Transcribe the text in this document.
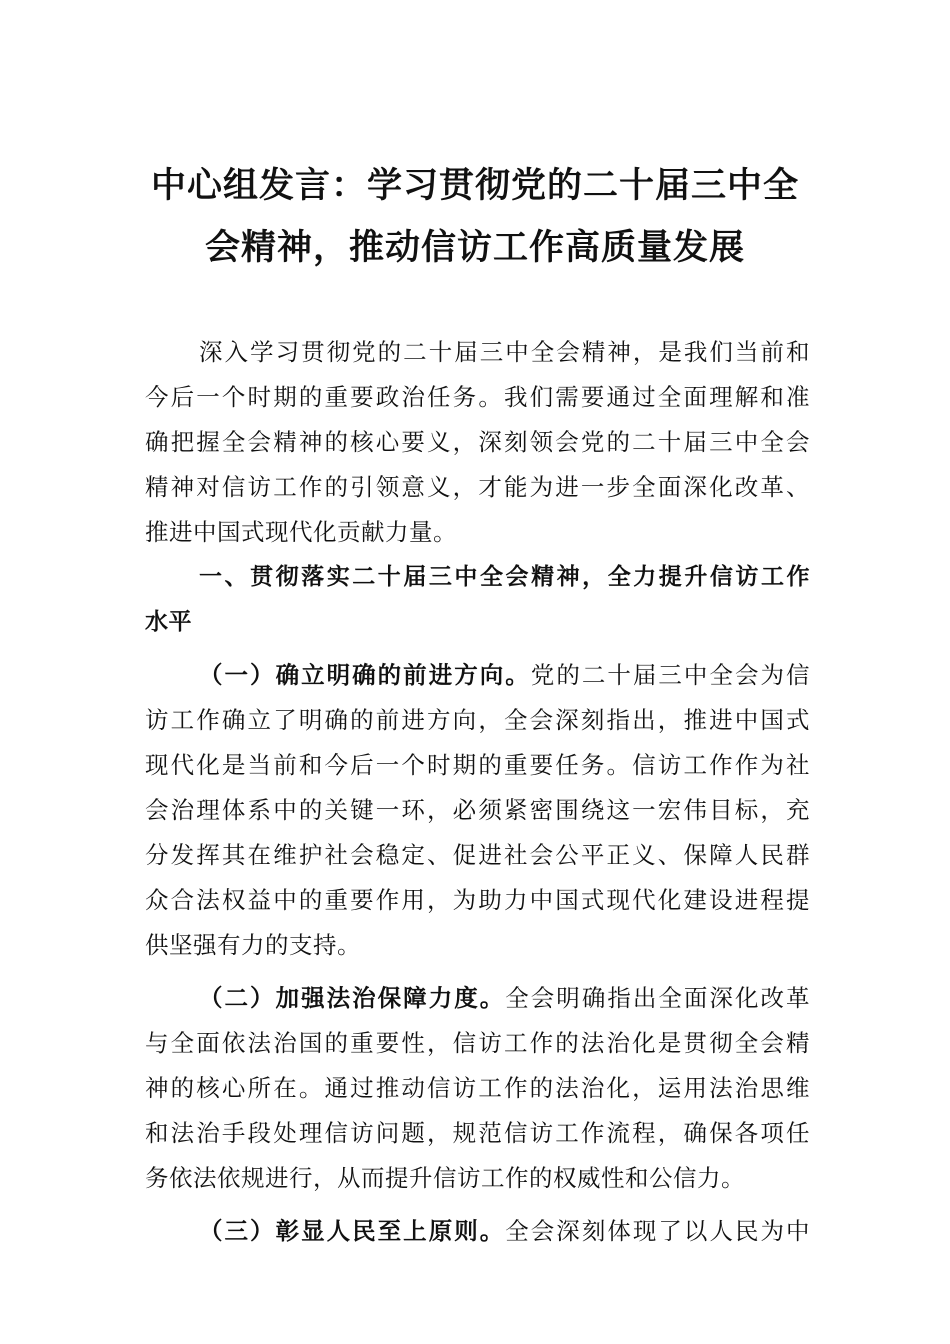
中心组发言：学习贯彻党的二十届三中全
会精神，推动信访工作高质量发展
深入学习贯彻党的二十届三中全会精神，是我们当前和
今后一个时期的重要政治任务。我们需要通过全面理解和准
确把握全会精神的核心要义，深刻领会党的二十届三中全会
精神对信访工作的引领意义，才能为进一步全面深化改革、
推进中国式现代化贡献力量。
一、贯彻落实二十届三中全会精神，全力提升信访工作
水平
（一）确立明确的前进方向。党的二十届三中全会为信
访工作确立了明确的前进方向，全会深刻指出，推进中国式
现代化是当前和今后一个时期的重要任务。信访工作作为社
会治理体系中的关键一环，必须紧密围绕这一宏伟目标，充
分发挥其在维护社会稳定、促进社会公平正义、保障人民群
众合法权益中的重要作用，为助力中国式现代化建设进程提
供坚强有力的支持。
（二）加强法治保障力度。全会明确指出全面深化改革
与全面依法治国的重要性，信访工作的法治化是贯彻全会精
神的核心所在。通过推动信访工作的法治化，运用法治思维
和法治手段处理信访问题，规范信访工作流程，确保各项任
务依法依规进行，从而提升信访工作的权威性和公信力。
（三）彰显人民至上原则。全会深刻体现了以人民为中
